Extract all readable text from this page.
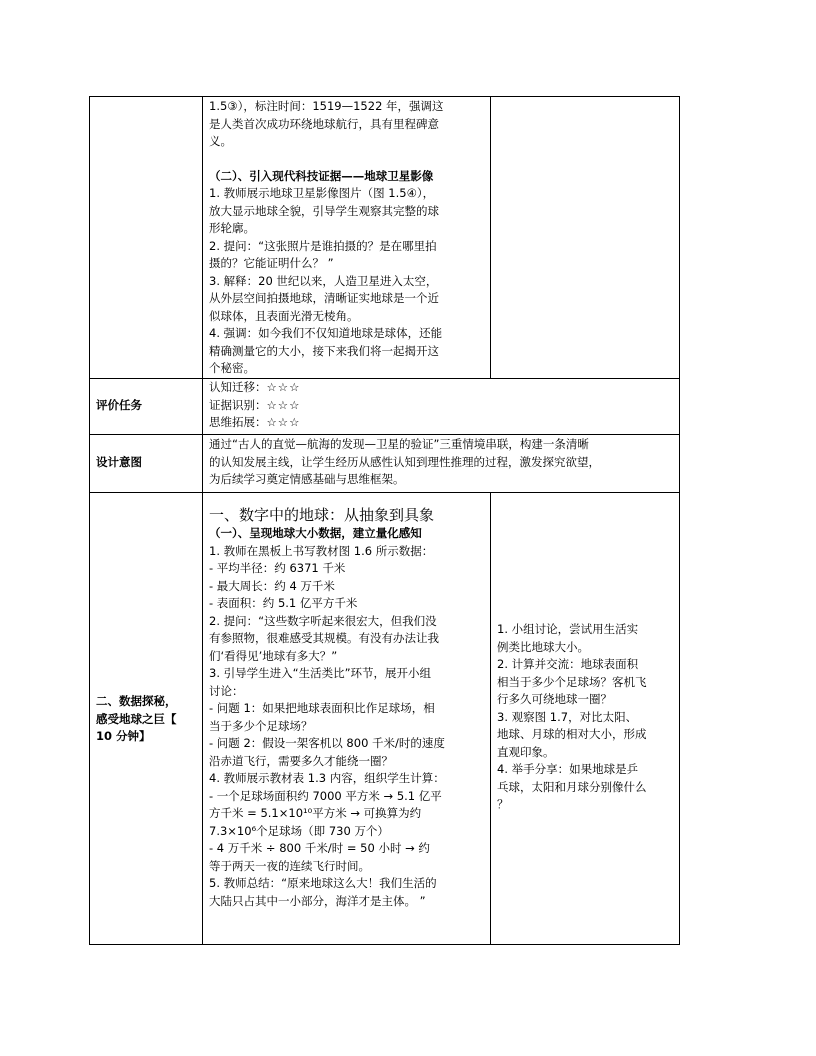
1.5③），标注时间：1519—1522 年，强调这

是人类首次成功环绕地球航行，具有里程碑意

义。

（二）、引入现代科技证据——地球卫星影像

1. 教师展示地球卫星影像图片（图 1.5④），

放大显示地球全貌，引导学生观察其完整的球

形轮廓。

2. 提问：“这张照片是谁拍摄的？是在哪里拍

摄的？它能证明什么？ ”

3. 解释：20 世纪以来，人造卫星进入太空，

从外层空间拍摄地球，清晰证实地球是一个近

似球体，且表面光滑无棱角。

4. 强调：如今我们不仅知道地球是球体，还能

精确测量它的大小，接下来我们将一起揭开这

个秘密。

评价任务

认知迁移：☆☆☆

证据识别：☆☆☆

思维拓展：☆☆☆

设计意图

通过“古人的直觉—航海的发现—卫星的验证”三重情境串联，构建一条清晰

的认知发展主线，让学生经历从感性认知到理性推理的过程，激发探究欲望，

为后续学习奠定情感基础与思维框架。

二、数据探秘，

感受地球之巨【

10 分钟】

一、数字中的地球：从抽象到具象

（一）、呈现地球大小数据，建立量化感知

1. 教师在黑板上书写教材图 1.6 所示数据：

- 平均半径：约 6371 千米

- 最大周长：约 4 万千米

- 表面积：约 5.1 亿平方千米

2. 提问：“这些数字听起来很宏大，但我们没

有参照物，很难感受其规模。有没有办法让我

们‘看得见’地球有多大？”

3. 引导学生进入“生活类比”环节，展开小组

讨论：

- 问题 1：如果把地球表面积比作足球场，相

当于多少个足球场？

- 问题 2：假设一架客机以 800 千米/时的速度

沿赤道飞行，需要多久才能绕一圈？

4. 教师展示教材表 1.3 内容，组织学生计算：

- 一个足球场面积约 7000 平方米 → 5.1 亿平

方千米 = 5.1×10¹⁰平方米 → 可换算为约

7.3×10⁶个足球场（即 730 万个）

- 4 万千米 ÷ 800 千米/时 = 50 小时 → 约

等于两天一夜的连续飞行时间。

5. 教师总结：“原来地球这么大！我们生活的

大陆只占其中一小部分，海洋才是主体。 ”

1. 小组讨论，尝试用生活实

例类比地球大小。

2. 计算并交流：地球表面积

相当于多少个足球场？客机飞

行多久可绕地球一圈？

3. 观察图 1.7，对比太阳、

地球、月球的相对大小，形成

直观印象。

4. 举手分享：如果地球是乒

乓球，太阳和月球分别像什么

？
